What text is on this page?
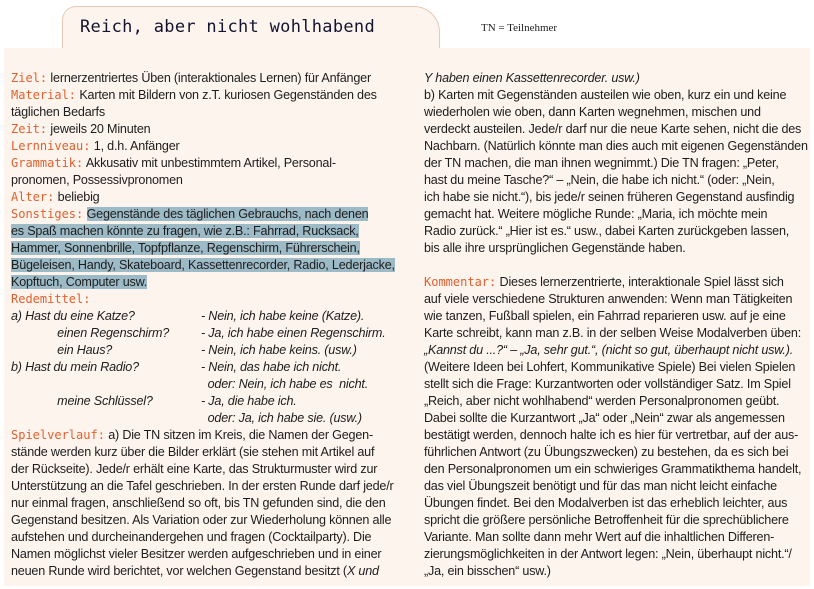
Reich, aber nicht wohlhabend	TN = Teilnehmer
Ziel: lernerzentriertes Üben (interaktionales Lernen) für Anfänger
Material: Karten mit Bildern von z.T. kuriosen Gegenständen des
täglichen Bedarfs
Zeit: jeweils 20 Minuten
Lernniveau: 1, d.h. Anfänger
Grammatik: Akkusativ mit unbestimmtem Artikel, Personal-
pronomen, Possessivpronomen
Alter: beliebig
Sonstiges: Gegenstände des täglichen Gebrauchs, nach denen
es Spaß machen könnte zu fragen, wie z.B.: Fahrrad, Rucksack,
Hammer, Sonnenbrille, Topfpflanze, Regenschirm, Führerschein,
Bügeleisen, Handy, Skateboard, Kassettenrecorder, Radio, Lederjacke,
Kopftuch, Computer usw.
Redemittel:
a) Hast du eine Katze?	- Nein, ich habe keine (Katze).
einen Regenschirm?	- Ja, ich habe einen Regenschirm.
ein Haus?	- Nein, ich habe keins. (usw.)
b) Hast du mein Radio?	- Nein, das habe ich nicht.
oder: Nein, ich habe es  nicht.
meine Schlüssel?	- Ja, die habe ich.
oder: Ja, ich habe sie. (usw.)
Spielverlauf: a) Die TN sitzen im Kreis, die Namen der Gegen-
stände werden kurz über die Bilder erklärt (sie stehen mit Artikel auf
der Rückseite). Jede/r erhält eine Karte, das Strukturmuster wird zur
Unterstützung an die Tafel geschrieben. In der ersten Runde darf jede/r
nur einmal fragen, anschließend so oft, bis TN gefunden sind, die den
Gegenstand besitzen. Als Variation oder zur Wiederholung können alle
aufstehen und durcheinandergehen und fragen (Cocktailparty). Die
Namen möglichst vieler Besitzer werden aufgeschrieben und in einer
neuen Runde wird berichtet, vor welchen Gegenstand besitzt (X und
Y haben einen Kassettenrecorder. usw.)
b) Karten mit Gegenständen austeilen wie oben, kurz ein und keine
wiederholen wie oben, dann Karten wegnehmen, mischen und
verdeckt austeilen. Jede/r darf nur die neue Karte sehen, nicht die des
Nachbarn. (Natürlich könnte man dies auch mit eigenen Gegenständen
der TN machen, die man ihnen wegnimmt.) Die TN fragen: „Peter,
hast du meine Tasche?“ – „Nein, die habe ich nicht.“ (oder: „Nein,
ich habe sie nicht.“), bis jede/r seinen früheren Gegenstand ausfindig
gemacht hat. Weitere mögliche Runde: „Maria, ich möchte mein
Radio zurück.“ „Hier ist es.“ usw., dabei Karten zurückgeben lassen,
bis alle ihre ursprünglichen Gegenstände haben.
Kommentar: Dieses lernerzentrierte, interaktionale Spiel lässt sich
auf viele verschiedene Strukturen anwenden: Wenn man Tätigkeiten
wie tanzen, Fußball spielen, ein Fahrrad reparieren usw. auf je eine
Karte schreibt, kann man z.B. in der selben Weise Modalverben üben:
„Kannst du ...?“ – „Ja, sehr gut.“, (nicht so gut, überhaupt nicht usw.).
(Weitere Ideen bei Lohfert, Kommunikative Spiele) Bei vielen Spielen
stellt sich die Frage: Kurzantworten oder vollständiger Satz. Im Spiel
„Reich, aber nicht wohlhabend“ werden Personalpronomen geübt.
Dabei sollte die Kurzantwort „Ja“ oder „Nein“ zwar als angemessen
bestätigt werden, dennoch halte ich es hier für vertretbar, auf der aus-
führlichen Antwort (zu Übungszwecken) zu bestehen, da es sich bei
den Personalpronomen um ein schwieriges Grammatikthema handelt,
das viel Übungszeit benötigt und für das man nicht leicht einfache
Übungen findet. Bei den Modalverben ist das erheblich leichter, aus
spricht die größere persönliche Betroffenheit für die sprechüblichere
Variante. Man sollte dann mehr Wert auf die inhaltlichen Differen-
zierungsmöglichkeiten in der Antwort legen: „Nein, überhaupt nicht.“/
„Ja, ein bisschen“ usw.)
